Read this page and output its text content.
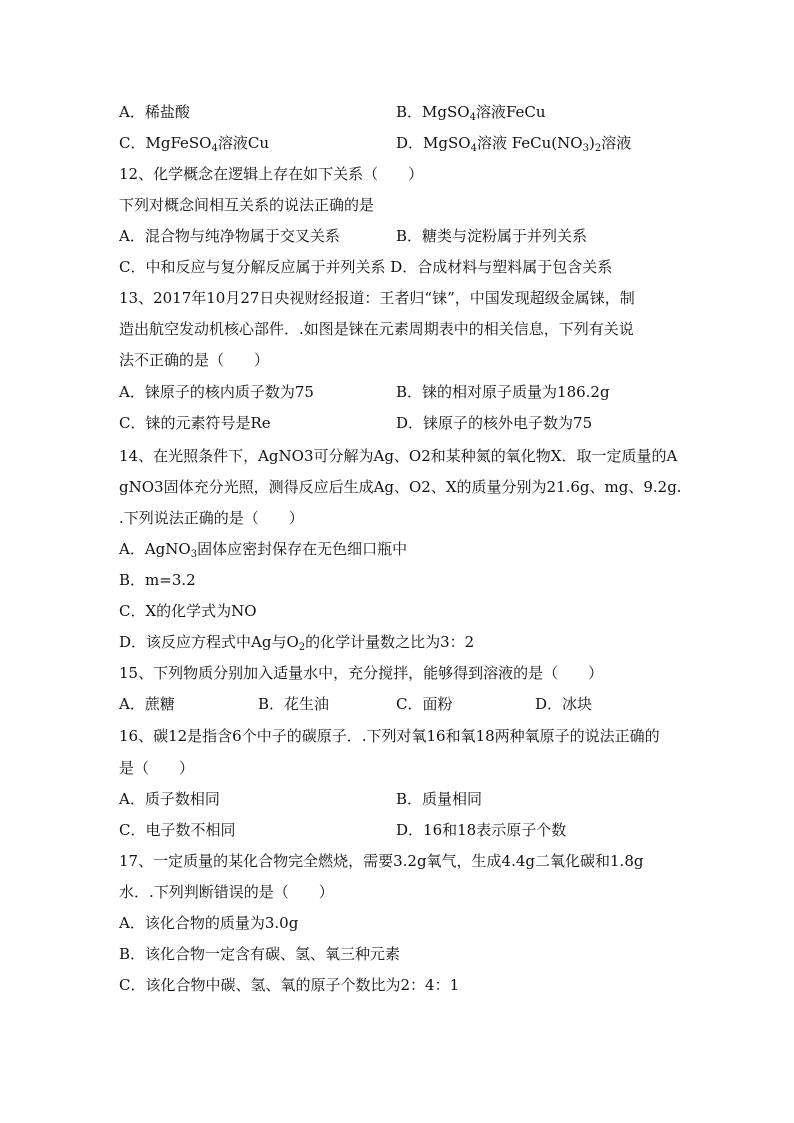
A．稀盐酸	B．MgSO$_4$溶液FeCu
C．MgFeSO$_4$溶液Cu	D．MgSO$_4$溶液 $FeCu(NO_3)_2$溶液
12、化学概念在逻辑上存在如下关系（　　）
下列对概念间相互关系的说法正确的是
A．混合物与纯净物属于交叉关系	B．糖类与淀粉属于并列关系
C．中和反应与复分解反应属于并列关系 D．合成材料与塑料属于包含关系
13、2017年10月27日央视财经报道：王者归“铼”，中国发现超级金属铼，制
造出航空发动机核心部件．.如图是铼在元素周期表中的相关信息，下列有关说
法不正确的是（　　）
A．铼原子的核内质子数为75	B．铼的相对原子质量为186.2g
C．铼的元素符号是Re	D．铼原子的核外电子数为75
14、在光照条件下，AgNO3可分解为Ag、O2和某种氮的氧化物X．取一定质量的A
gNO3固体充分光照，测得反应后生成Ag、O2、X的质量分别为21.6g、mg、9.2g.
.下列说法正确的是（　　）
A．AgNO$_3$固体应密封保存在无色细口瓶中
B．m=3.2
C．X的化学式为NO
D．该反应方程式中Ag与$O_2$的化学计量数之比为3：2
15、下列物质分别加入适量水中，充分搅拌，能够得到溶液的是（　　）
A．蔗糖	B．花生油	C．面粉	D．冰块
16、碳12是指含6个中子的碳原子．.下列对氧16和氧18两种氧原子的说法正确的
是（　　）
A．质子数相同	B．质量相同
C．电子数不相同	D．16和18表示原子个数
17、一定质量的某化合物完全燃烧，需要3.2g氧气，生成4.4g二氧化碳和1.8g
水．.下列判断错误的是（　　）
A．该化合物的质量为3.0g
B．该化合物一定含有碳、氢、氧三种元素
C．该化合物中碳、氢、氧的原子个数比为2：4：1
